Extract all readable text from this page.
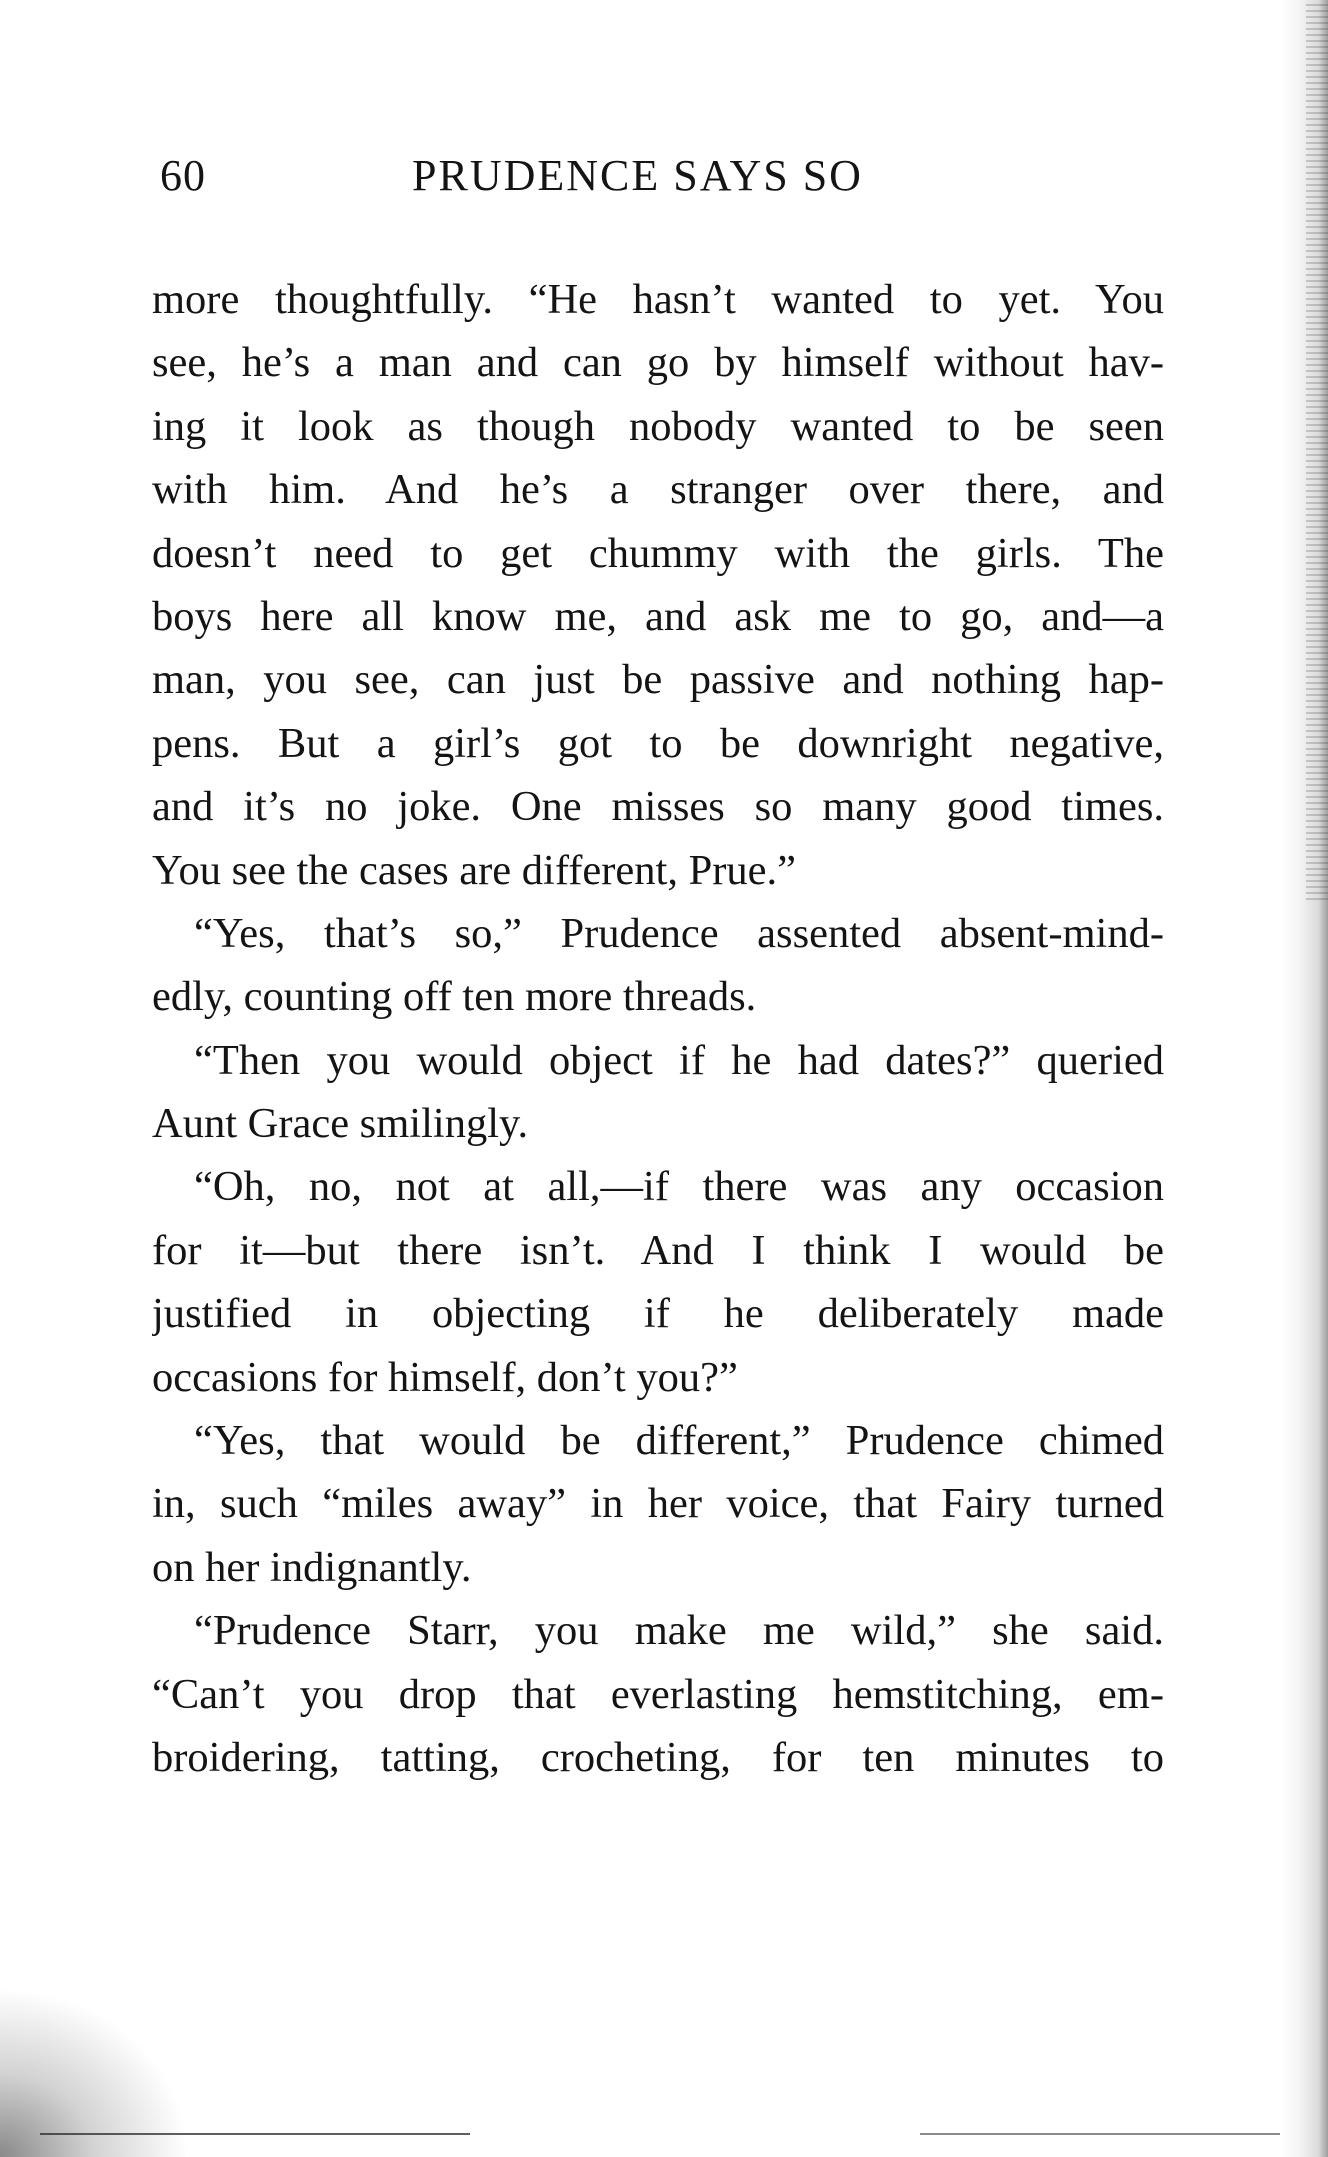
60	PRUDENCE SAYS SO
more thoughtfully. “He hasn’t wanted to yet. You
see, he’s a man and can go by himself without hav-
ing it look as though nobody wanted to be seen
with him. And he’s a stranger over there, and
doesn’t need to get chummy with the girls. The
boys here all know me, and ask me to go, and—a
man, you see, can just be passive and nothing hap-
pens. But a girl’s got to be downright negative,
and it’s no joke. One misses so many good times.
You see the cases are different, Prue.”
“Yes, that’s so,” Prudence assented absent-mind-
edly, counting off ten more threads.
“Then you would object if he had dates?” queried
Aunt Grace smilingly.
“Oh, no, not at all,—if there was any occasion
for it—but there isn’t. And I think I would be
justified in objecting if he deliberately made
occasions for himself, don’t you?”
“Yes, that would be different,” Prudence chimed
in, such “miles away” in her voice, that Fairy turned
on her indignantly.
“Prudence Starr, you make me wild,” she said.
“Can’t you drop that everlasting hemstitching, em-
broidering, tatting, crocheting, for ten minutes to
